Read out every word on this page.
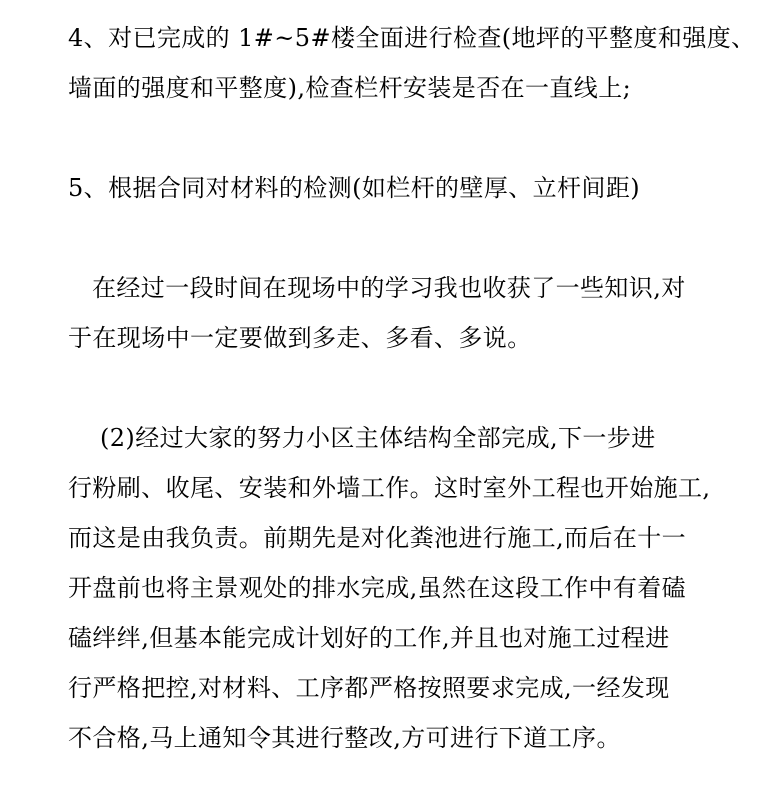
4、对已完成的 1#~5#楼全面进行检查(地坪的平整度和强度、
墙面的强度和平整度),检查栏杆安装是否在一直线上;
5、根据合同对材料的检测(如栏杆的壁厚、立杆间距)
在经过一段时间在现场中的学习我也收获了一些知识,对
于在现场中一定要做到多走、多看、多说。
(2)经过大家的努力小区主体结构全部完成,下一步进
行粉刷、收尾、安装和外墙工作。这时室外工程也开始施工,
而这是由我负责。前期先是对化粪池进行施工,而后在十一
开盘前也将主景观处的排水完成,虽然在这段工作中有着磕
磕绊绊,但基本能完成计划好的工作,并且也对施工过程进
行严格把控,对材料、工序都严格按照要求完成,一经发现
不合格,马上通知令其进行整改,方可进行下道工序。
